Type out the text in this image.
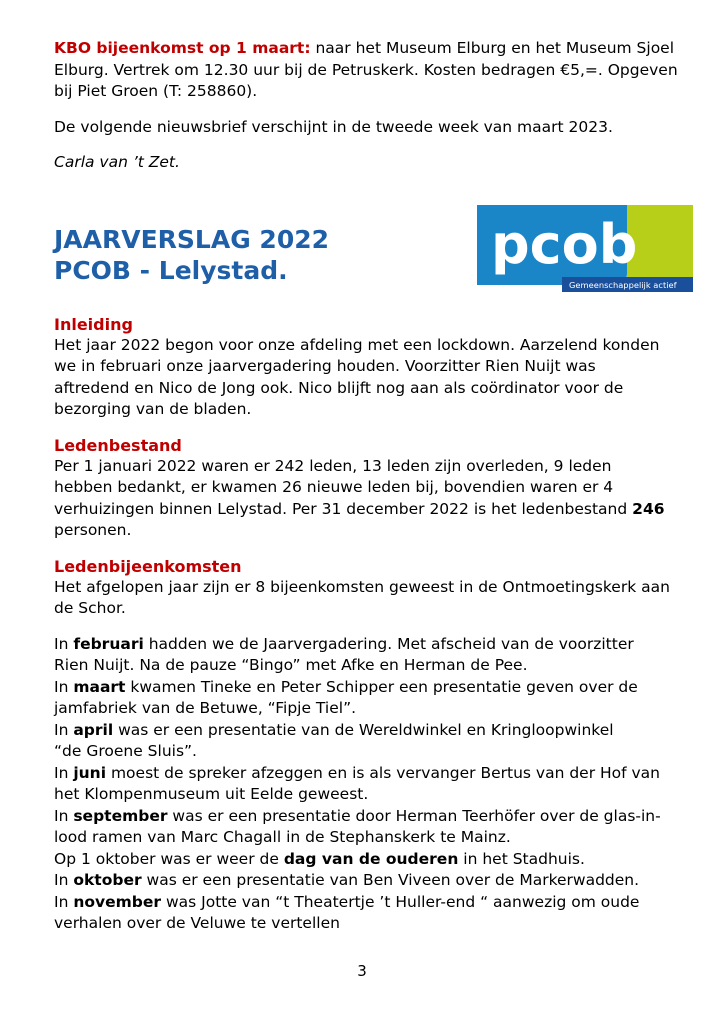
KBO bijeenkomst op 1 maart: naar het Museum Elburg en het Museum Sjoel
Elburg. Vertrek om 12.30 uur bij de Petruskerk. Kosten bedragen €5,=. Opgeven
bij Piet Groen (T: 258860).

De volgende nieuwsbrief verschijnt in de tweede week van maart 2023.

Carla van ’t Zet.

JAARVERSLAG 2022

PCOB - Lelystad.	pcob
Gemeenschappelijk actief

Inleiding

Het jaar 2022 begon voor onze afdeling met een lockdown. Aarzelend konden
we in februari onze jaarvergadering houden. Voorzitter Rien Nuijt was
aftredend en Nico de Jong ook. Nico blijft nog aan als coördinator voor de
bezorging van de bladen.

Ledenbestand

Per 1 januari 2022 waren er 242 leden, 13 leden zijn overleden, 9 leden
hebben bedankt, er kwamen 26 nieuwe leden bij, bovendien waren er 4
verhuizingen binnen Lelystad. Per 31 december 2022 is het ledenbestand 246
personen.

Ledenbijeenkomsten

Het afgelopen jaar zijn er 8 bijeenkomsten geweest in de Ontmoetingskerk aan
de Schor.

In februari hadden we de Jaarvergadering. Met afscheid van de voorzitter
Rien Nuijt. Na de pauze “Bingo” met Afke en Herman de Pee.
In maart kwamen Tineke en Peter Schipper een presentatie geven over de
jamfabriek van de Betuwe, “Fipje Tiel”.
In april was er een presentatie van de Wereldwinkel en Kringloopwinkel
“de Groene Sluis”.
In juni moest de spreker afzeggen en is als vervanger Bertus van der Hof van
het Klompenmuseum uit Eelde geweest.
In september was er een presentatie door Herman Teerhöfer over de glas-in-
lood ramen van Marc Chagall in de Stephanskerk te Mainz.
Op 1 oktober was er weer de dag van de ouderen in het Stadhuis.
In oktober was er een presentatie van Ben Viveen over de Markerwadden.
In november was Jotte van “t Theatertje ’t Huller-end “ aanwezig om oude
verhalen over de Veluwe te vertellen

3
